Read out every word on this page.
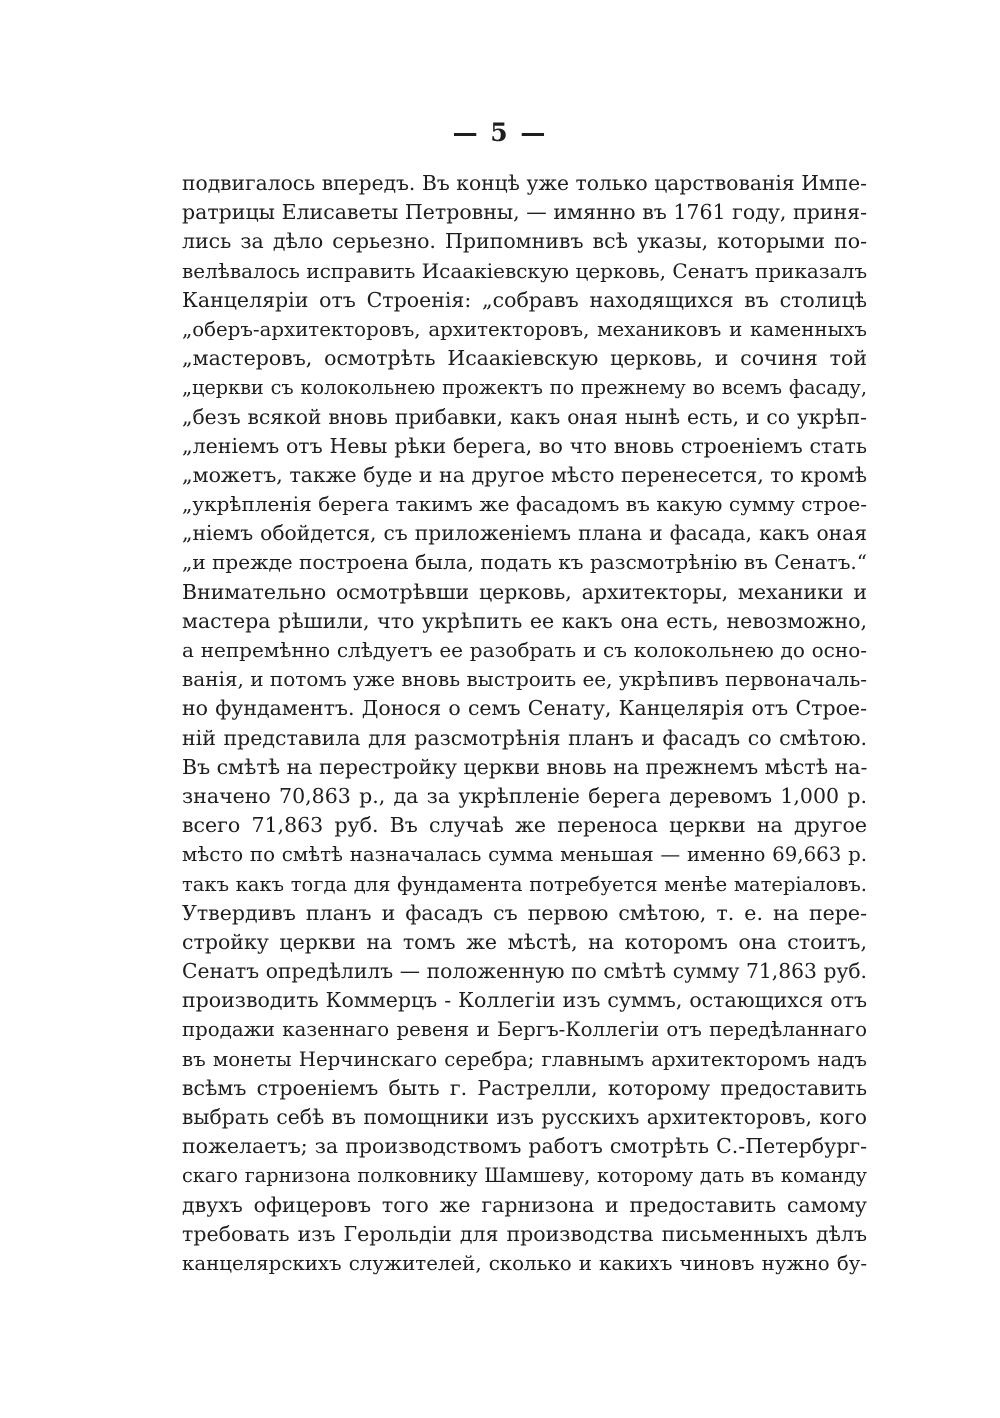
— 5 —
подвигалось впередъ. Въ концѣ уже только царствованія Импе-
ратрицы Елисаветы Петровны, — имянно въ 1761 году, приня-
лись за дѣло серьезно. Припомнивъ всѣ указы, которыми по-
велѣвалось исправить Исаакіевскую церковь, Сенатъ приказалъ
Канцеляріи отъ Строенія: „собравъ находящихся въ столицѣ
„оберъ-архитекторовъ, архитекторовъ, механиковъ и каменныхъ
„мастеровъ, осмотрѣть Исаакіевскую церковь, и сочиня той
„церкви съ колокольнею прожектъ по прежнему во всемъ фасаду,
„безъ всякой вновь прибавки, какъ оная нынѣ есть, и со укрѣп-
„леніемъ отъ Невы рѣки берега, во что вновь строеніемъ стать
„можетъ, также буде и на другое мѣсто перенесется, то кромѣ
„укрѣпленія берега такимъ же фасадомъ въ какую сумму строе-
„ніемъ обойдется, съ приложеніемъ плана и фасада, какъ оная
„и прежде построена была, подать къ разсмотрѣнію въ Сенатъ.“
Внимательно осмотрѣвши церковь, архитекторы, механики и
мастера рѣшили, что укрѣпить ее какъ она есть, невозможно,
а непремѣнно слѣдуетъ ее разобрать и съ колокольнею до осно-
ванія, и потомъ уже вновь выстроить ее, укрѣпивъ первоначаль-
но фундаментъ. Донося о семъ Сенату, Канцелярія отъ Строе-
ній представила для разсмотрѣнія планъ и фасадъ со смѣтою.
Въ смѣтѣ на перестройку церкви вновь на прежнемъ мѣстѣ на-
значено 70,863 р., да за укрѣпленіе берега деревомъ 1,000 р.
всего 71,863 руб. Въ случаѣ же переноса церкви на другое
мѣсто по смѣтѣ назначалась сумма меньшая — именно 69,663 р.
такъ какъ тогда для фундамента потребуется менѣе матеріаловъ.
Утвердивъ планъ и фасадъ съ первою смѣтою, т. е. на пере-
стройку церкви на томъ же мѣстѣ, на которомъ она стоитъ,
Сенатъ опредѣлилъ — положенную по смѣтѣ сумму 71,863 руб.
производить Коммерцъ - Коллегіи изъ суммъ, остающихся отъ
продажи казеннаго ревеня и Бергъ-Коллегіи отъ передѣланнаго
въ монеты Нерчинскаго серебра; главнымъ архитекторомъ надъ
всѣмъ строеніемъ быть г. Растрелли, которому предоставить
выбрать себѣ въ помощники изъ русскихъ архитекторовъ, кого
пожелаетъ; за производствомъ работъ смотрѣть С.-Петербург-
скаго гарнизона полковнику Шамшеву, которому дать въ команду
двухъ офицеровъ того же гарнизона и предоставить самому
требовать изъ Герольдіи для производства письменныхъ дѣлъ
канцелярскихъ служителей, сколько и какихъ чиновъ нужно бу-
